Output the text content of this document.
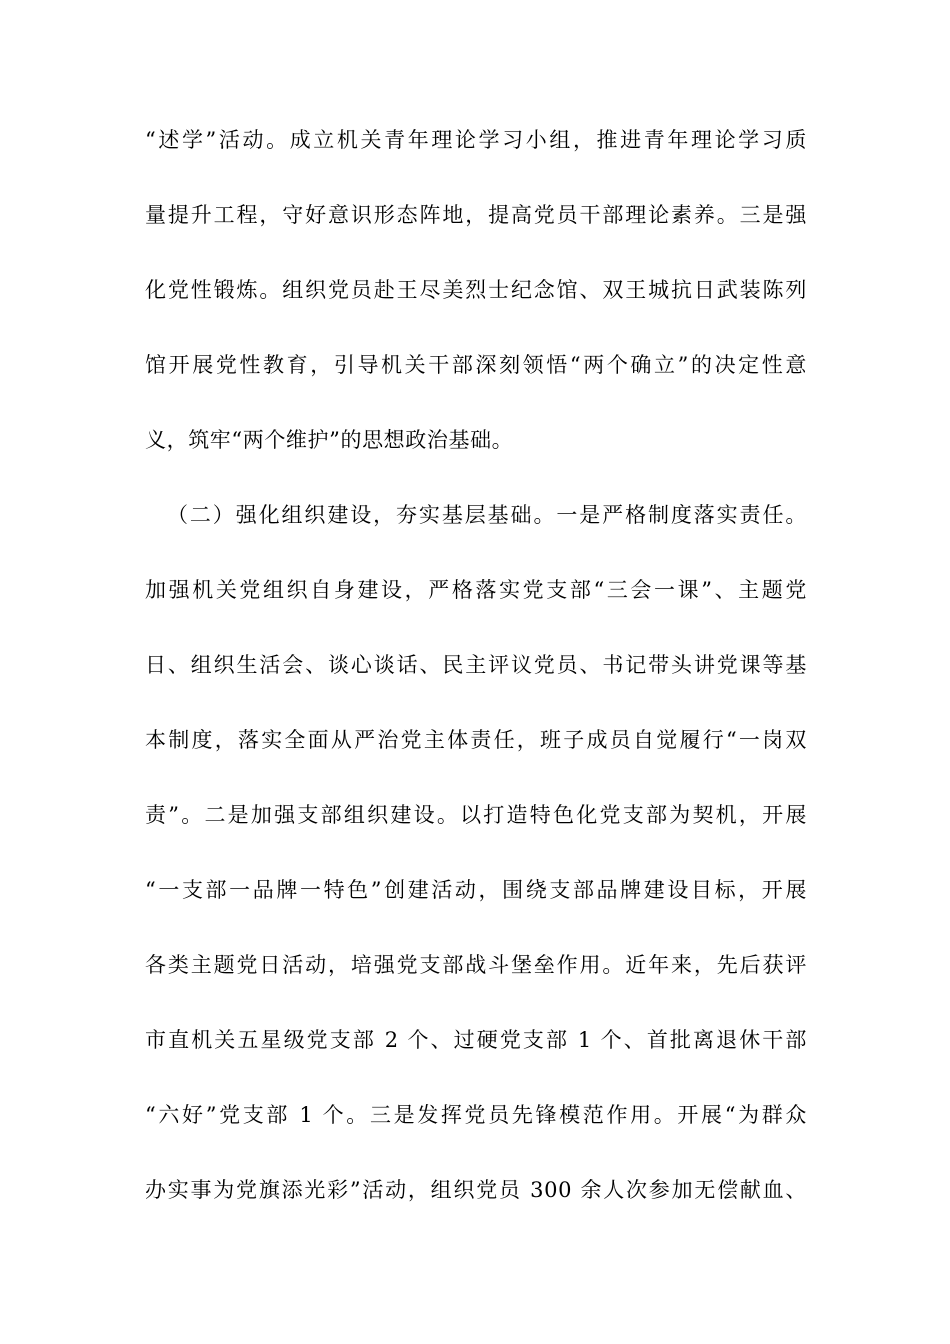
“述学”活动。成立机关青年理论学习小组，推进青年理论学习质
量提升工程，守好意识形态阵地，提高党员干部理论素养。三是强
化党性锻炼。组织党员赴王尽美烈士纪念馆、双王城抗日武装陈列
馆开展党性教育，引导机关干部深刻领悟“两个确立”的决定性意
义，筑牢“两个维护”的思想政治基础。
（二）强化组织建设，夯实基层基础。一是严格制度落实责任。
加强机关党组织自身建设，严格落实党支部“三会一课”、主题党
日、组织生活会、谈心谈话、民主评议党员、书记带头讲党课等基
本制度，落实全面从严治党主体责任，班子成员自觉履行“一岗双
责”。二是加强支部组织建设。以打造特色化党支部为契机，开展
“一支部一品牌一特色”创建活动，围绕支部品牌建设目标，开展
各类主题党日活动，培强党支部战斗堡垒作用。近年来，先后获评
市直机关五星级党支部 2 个、过硬党支部 1 个、首批离退休干部
“六好”党支部 1 个。三是发挥党员先锋模范作用。开展“为群众
办实事为党旗添光彩”活动，组织党员 300 余人次参加无偿献血、
